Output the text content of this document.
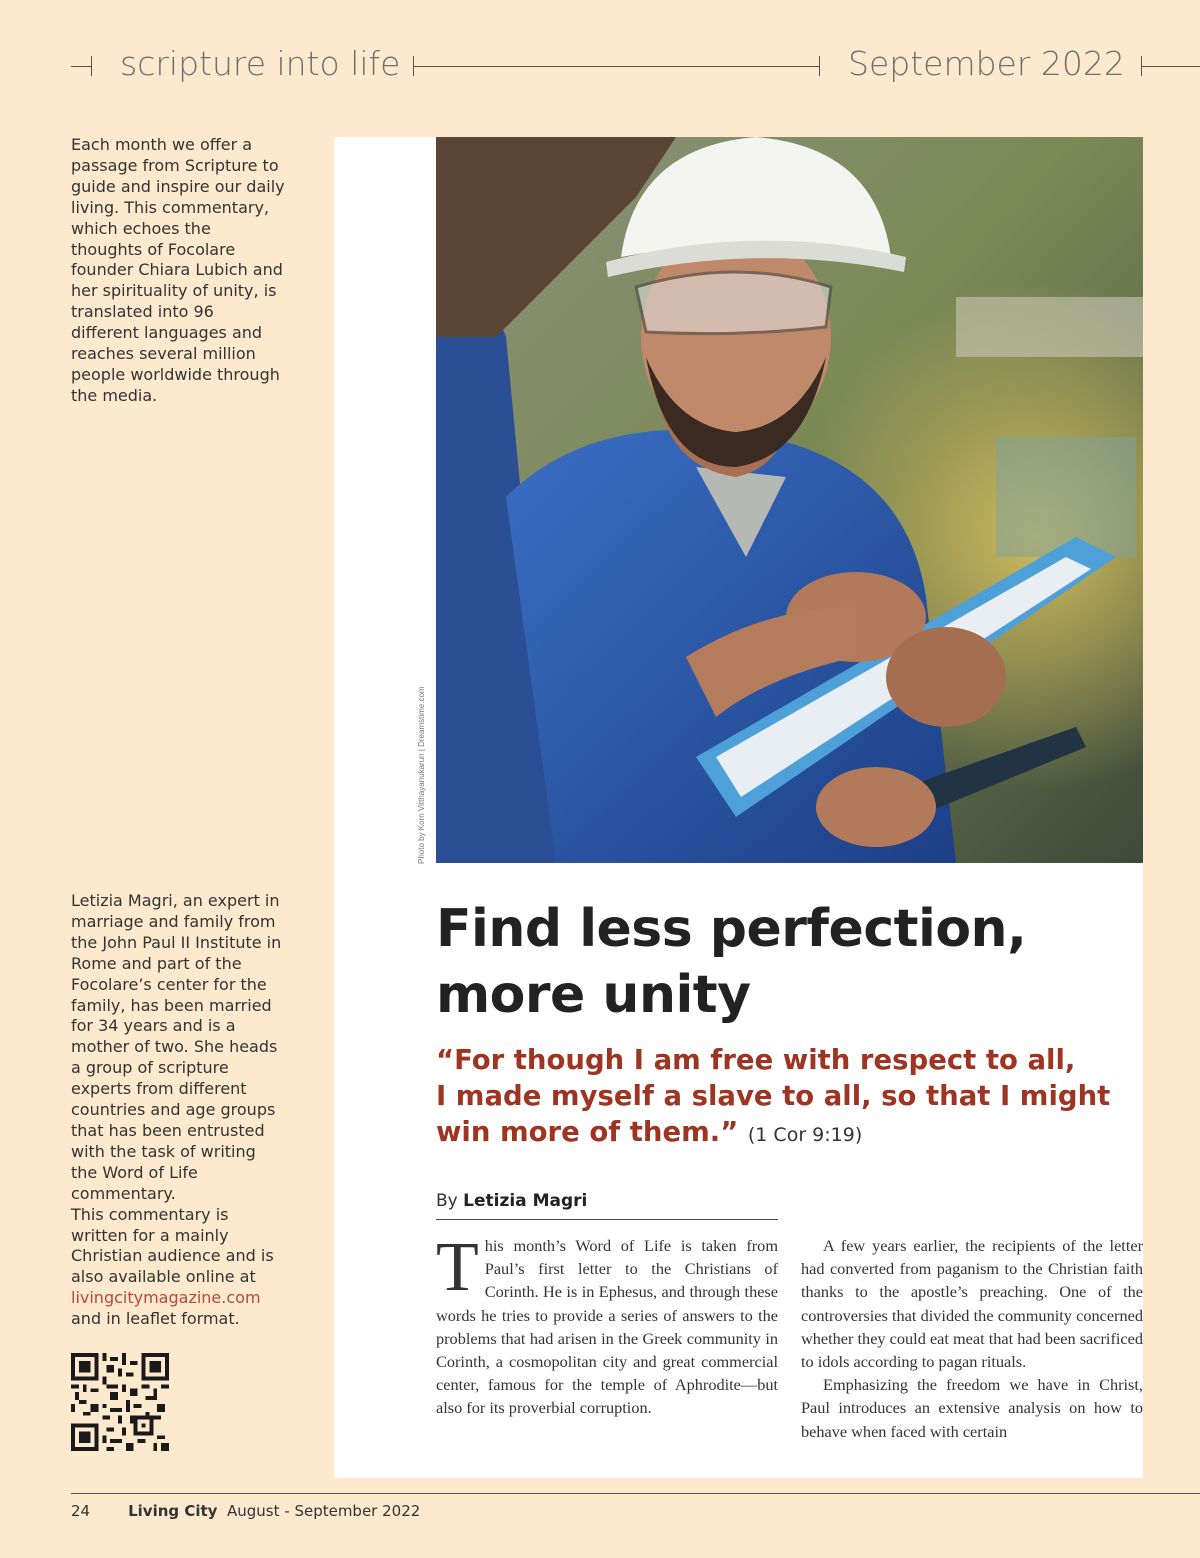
scripture into life	September 2022
Each month we offer a passage from Scripture to guide and inspire our daily living. This commentary, which echoes the thoughts of Focolare founder Chiara Lubich and her spirituality of unity, is translated into 96 different languages and reaches several million people worldwide through the media.
Letizia Magri, an expert in marriage and family from the John Paul II Institute in Rome and part of the Focolare’s center for the family, has been married for 34 years and is a mother of two. She heads a group of scripture experts from different countries and age groups that has been entrusted with the task of writing the Word of Life commentary.
This commentary is written for a mainly Christian audience and is also available online at livingcitymagazine.com and in leaflet format.
Photo by Korn Vitthayanukarun | Dreamstime.com
Find less perfection,
more unity
“For though I am free with respect to all,
I made myself a slave to all, so that I might
win more of them.” (1 Cor 9:19)
By Letizia Magri
T his month’s Word of Life is taken from Paul’s first letter to the Christians of Corinth. He is in Ephesus, and through these words he tries to provide a series of answers to the problems that had arisen in the Greek community in Corinth, a cosmopolitan city and great commercial center, famous for the temple of Aphrodite—but also for its proverbial corruption.

A few years earlier, the recipients of the letter had converted from paganism to the Christian faith thanks to the apostle’s preaching. One of the controversies that divided the community concerned whether they could eat meat that had been sacrificed to idols according to pagan rituals.

Emphasizing the freedom we have in Christ, Paul introduces an extensive analysis on how to behave when faced with certain

24	Living City August - September 2022
